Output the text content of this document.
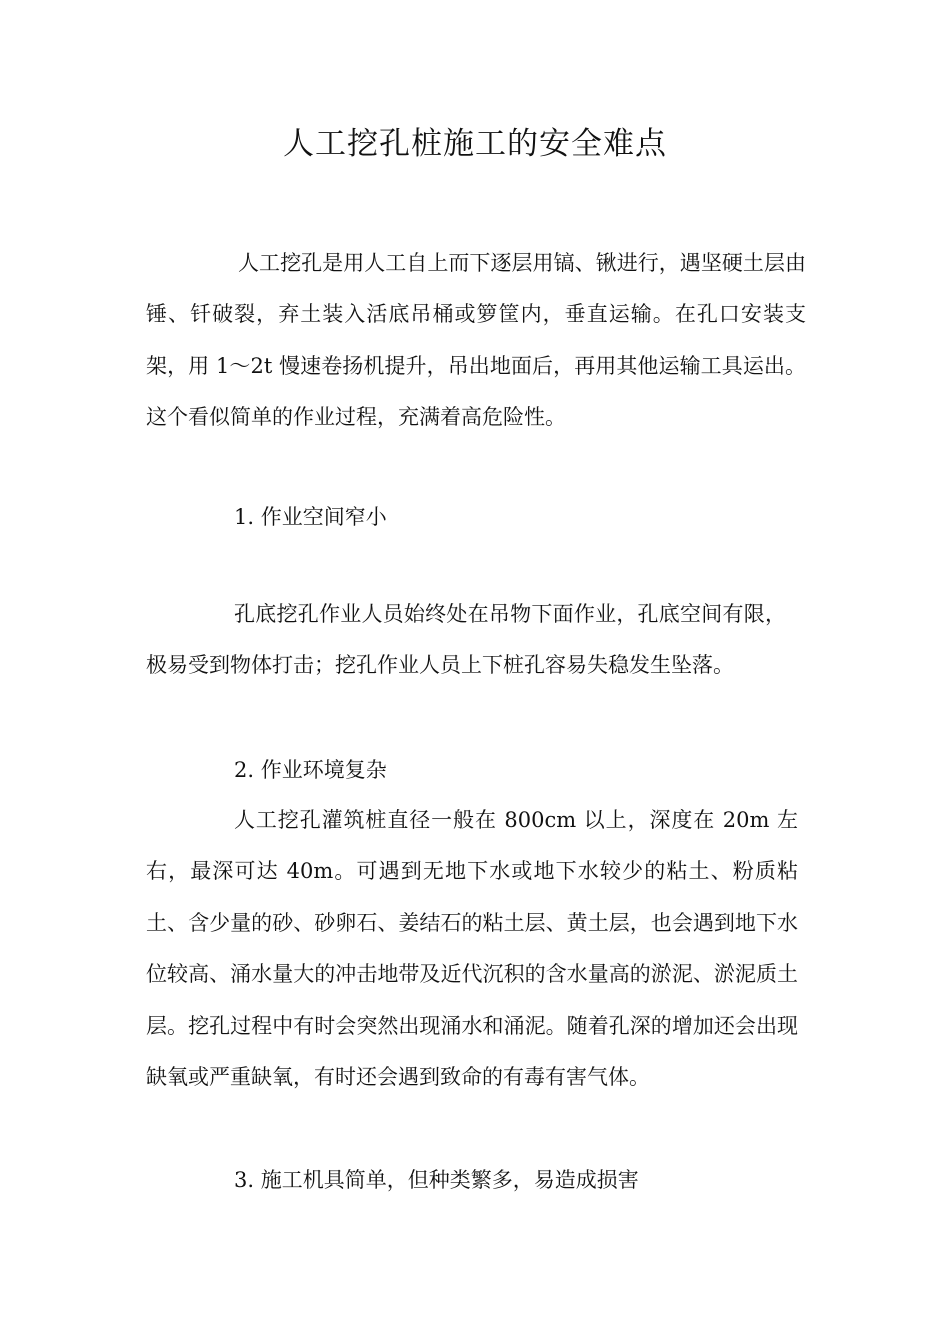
人工挖孔桩施工的安全难点

人工挖孔是用人工自上而下逐层用镐、锹进行，遇坚硬土层由锤、钎破裂，弃土装入活底吊桶或箩筐内，垂直运输。在孔口安装支架，用 1～2t 慢速卷扬机提升，吊出地面后，再用其他运输工具运出。这个看似简单的作业过程，充满着高危险性。

1. 作业空间窄小

孔底挖孔作业人员始终处在吊物下面作业，孔底空间有限，极易受到物体打击；挖孔作业人员上下桩孔容易失稳发生坠落。

2. 作业环境复杂

人工挖孔灌筑桩直径一般在 800cm 以上，深度在 20m 左右，最深可达 40m。可遇到无地下水或地下水较少的粘土、粉质粘土、含少量的砂、砂卵石、姜结石的粘土层、黄土层，也会遇到地下水位较高、涌水量大的冲击地带及近代沉积的含水量高的淤泥、淤泥质土层。挖孔过程中有时会突然出现涌水和涌泥。随着孔深的增加还会出现缺氧或严重缺氧，有时还会遇到致命的有毒有害气体。

3. 施工机具简单，但种类繁多，易造成损害
